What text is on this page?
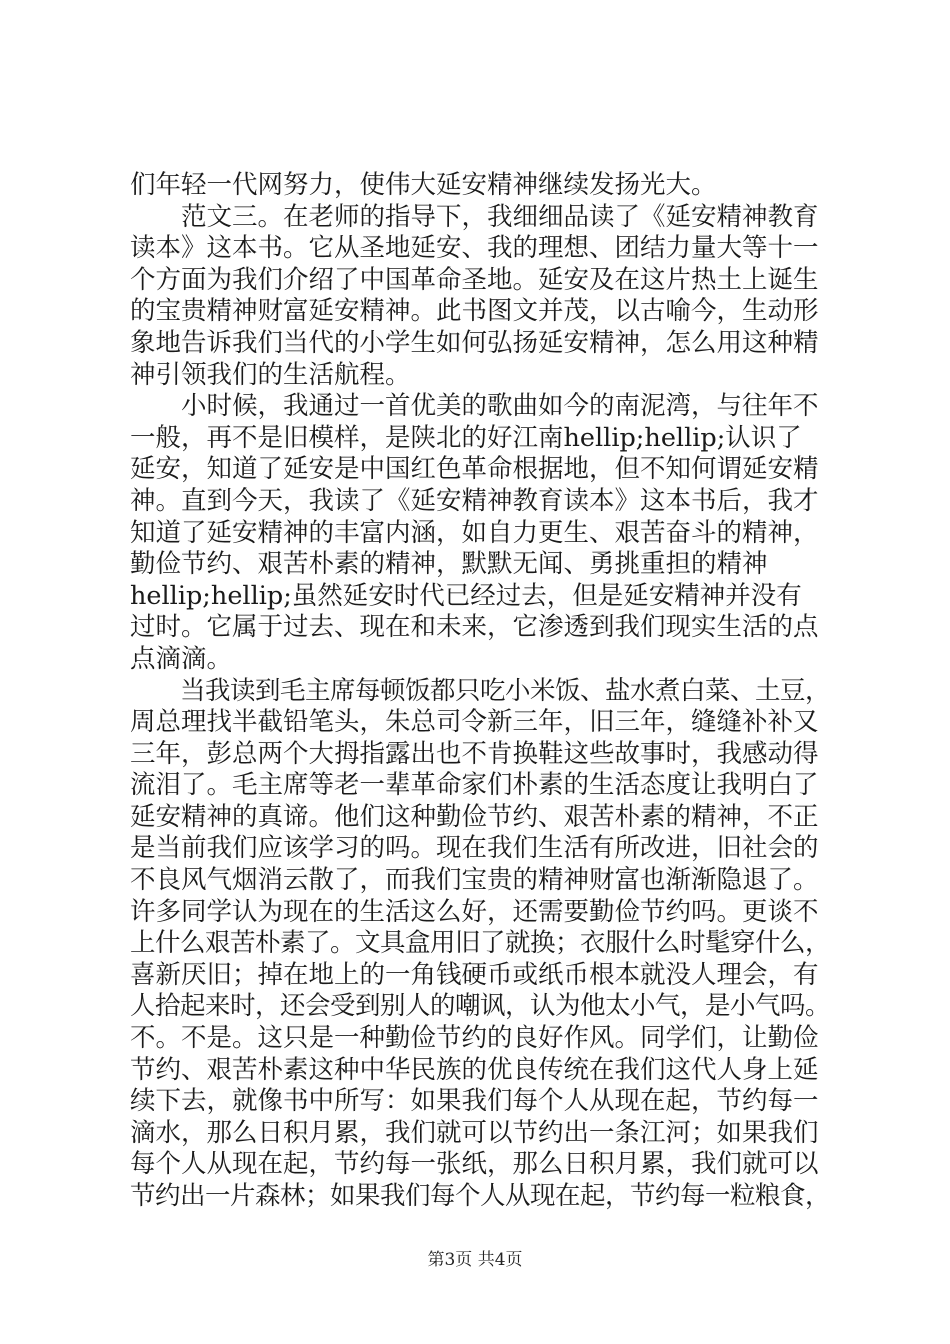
们年轻一代网努力，使伟大延安精神继续发扬光大。
　　范文三。在老师的指导下，我细细品读了《延安精神教育
读本》这本书。它从圣地延安、我的理想、团结力量大等十一
个方面为我们介绍了中国革命圣地。延安及在这片热土上诞生
的宝贵精神财富延安精神。此书图文并茂，以古喻今，生动形
象地告诉我们当代的小学生如何弘扬延安精神，怎么用这种精
神引领我们的生活航程。
　　小时候，我通过一首优美的歌曲如今的南泥湾，与往年不
一般，再不是旧模样，是陕北的好江南hellip;hellip;认识了
延安，知道了延安是中国红色革命根据地，但不知何谓延安精
神。直到今天，我读了《延安精神教育读本》这本书后，我才
知道了延安精神的丰富内涵，如自力更生、艰苦奋斗的精神，
勤俭节约、艰苦朴素的精神，默默无闻、勇挑重担的精神
hellip;hellip;虽然延安时代已经过去，但是延安精神并没有
过时。它属于过去、现在和未来，它渗透到我们现实生活的点
点滴滴。
　　当我读到毛主席每顿饭都只吃小米饭、盐水煮白菜、土豆，
周总理找半截铅笔头，朱总司令新三年，旧三年，缝缝补补又
三年，彭总两个大拇指露出也不肯换鞋这些故事时，我感动得
流泪了。毛主席等老一辈革命家们朴素的生活态度让我明白了
延安精神的真谛。他们这种勤俭节约、艰苦朴素的精神，不正
是当前我们应该学习的吗。现在我们生活有所改进，旧社会的
不良风气烟消云散了，而我们宝贵的精神财富也渐渐隐退了。
许多同学认为现在的生活这么好，还需要勤俭节约吗。更谈不
上什么艰苦朴素了。文具盒用旧了就换；衣服什么时髦穿什么，
喜新厌旧；掉在地上的一角钱硬币或纸币根本就没人理会，有
人拾起来时，还会受到别人的嘲讽，认为他太小气，是小气吗。
不。不是。这只是一种勤俭节约的良好作风。同学们，让勤俭
节约、艰苦朴素这种中华民族的优良传统在我们这代人身上延
续下去，就像书中所写：如果我们每个人从现在起，节约每一
滴水，那么日积月累，我们就可以节约出一条江河；如果我们
每个人从现在起，节约每一张纸，那么日积月累，我们就可以
节约出一片森林；如果我们每个人从现在起，节约每一粒粮食，
第3页 共4页
